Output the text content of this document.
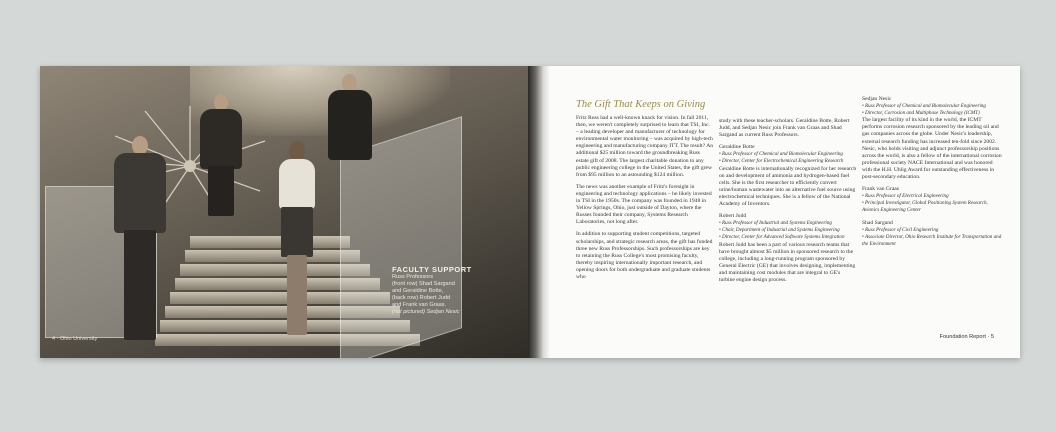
FACULTY SUPPORT
Russ Professors
(front row) Shad Sargand
and Geraldine Botte,
(back row) Robert Judd
and Frank van Graas.
(not pictured) Sedjan Nesic
4 · Ohio University
The Gift That Keeps on Giving

Fritz Russ had a well-known knack for vision. In fall 2011, then, we weren't completely surprised to learn that TSI, Inc. – a leading developer and manufacturer of technology for environmental water monitoring – was acquired by high-tech engineering and manufacturing company ITT. The result? An additional $25 million toward the groundbreaking Russ estate gift of 2008. The largest charitable donation to any public engineering college in the United States, the gift grew from $95 million to an astounding $124 million.

The news was another example of Fritz's foresight in engineering and technology applications – he likely invested in TSI in the 1950s. The company was founded in 1948 in Yellow Springs, Ohio, just outside of Dayton, where the Russes founded their company, Systems Research Laboratories, not long after.

In addition to supporting student competitions, targeted scholarships, and strategic research areas, the gift has funded three new Russ Professorships. Such professorships are key to retaining the Russ College's most promising faculty, thereby inspiring internationally important research, and opening doors for both undergraduate and graduate students who

study with these teacher-scholars. Geraldine Botte, Robert Judd, and Sedjan Nesic join Frank van Graas and Shad Sargand as current Russ Professors.

Geraldine Botte
• Russ Professor of Chemical and Biomolecular Engineering
• Director, Center for Electrochemical Engineering Research

Geraldine Botte is internationally recognized for her research on and development of ammonia and hydrogen-based fuel cells. She is the first researcher to efficiently convert urine/human wastewater into an alternative fuel source using electrochemical techniques. She is a fellow of the National Academy of Inventors.

Robert Judd
• Russ Professor of Industrial and Systems Engineering
• Chair, Department of Industrial and Systems Engineering
• Director, Center for Advanced Software Systems Integration

Robert Judd has been a part of various research teams that have brought almost $5 million in sponsored research to the college, including a long-running program sponsored by General Electric (GE) that involves designing, implementing and maintaining cost modules that are integral to GE's turbine engine design process.

Sedjan Nesic
• Russ Professor of Chemical and Biomolecular Engineering
• Director, Corrosion and Multiphase Technology (ICMT)

The largest facility of its kind in the world, the ICMT performs corrosion research sponsored by the leading oil and gas companies across the globe. Under Nesic's leadership, external research funding has increased ten-fold since 2002. Nesic, who holds visiting and adjunct professorship positions across the world, is also a fellow of the international corrosion professional society NACE International and was honored with the H.H. Uhlig Award for outstanding effectiveness in post-secondary education.

Frank van Graas
• Russ Professor of Electrical Engineering
• Principal Investigator, Global Positioning System Research, Avionics Engineering Center
Shad Sargand
• Russ Professor of Civil Engineering
• Associate Director, Ohio Research Institute for Transportation and the Environment
Foundation Report · 5
